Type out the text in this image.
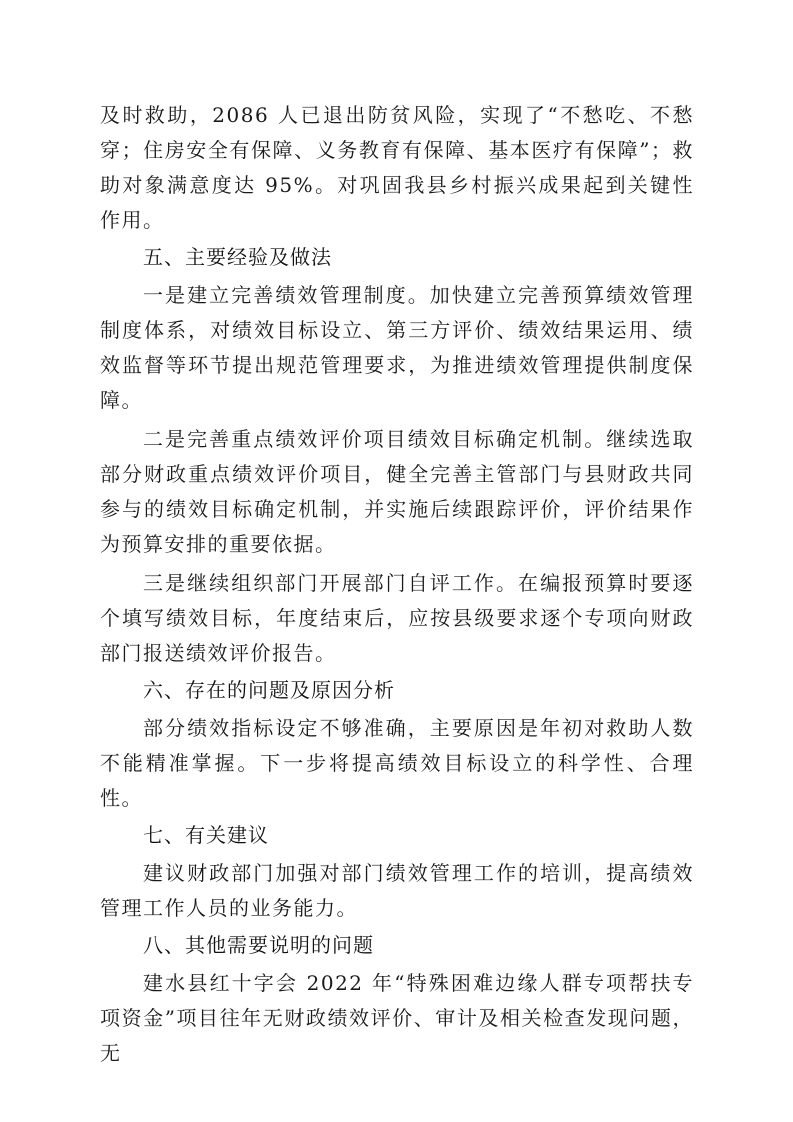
及时救助，2086 人已退出防贫风险，实现了“不愁吃、不愁穿；住房安全有保障、义务教育有保障、基本医疗有保障”；救助对象满意度达 95%。对巩固我县乡村振兴成果起到关键性作用。

五、主要经验及做法

一是建立完善绩效管理制度。加快建立完善预算绩效管理制度体系，对绩效目标设立、第三方评价、绩效结果运用、绩效监督等环节提出规范管理要求，为推进绩效管理提供制度保障。

二是完善重点绩效评价项目绩效目标确定机制。继续选取部分财政重点绩效评价项目，健全完善主管部门与县财政共同参与的绩效目标确定机制，并实施后续跟踪评价，评价结果作为预算安排的重要依据。

三是继续组织部门开展部门自评工作。在编报预算时要逐个填写绩效目标，年度结束后，应按县级要求逐个专项向财政部门报送绩效评价报告。

六、存在的问题及原因分析

部分绩效指标设定不够准确，主要原因是年初对救助人数不能精准掌握。下一步将提高绩效目标设立的科学性、合理性。

七、有关建议

建议财政部门加强对部门绩效管理工作的培训，提高绩效管理工作人员的业务能力。

八、其他需要说明的问题

建水县红十字会 2022 年“特殊困难边缘人群专项帮扶专项资金”项目往年无财政绩效评价、审计及相关检查发现问题，无
